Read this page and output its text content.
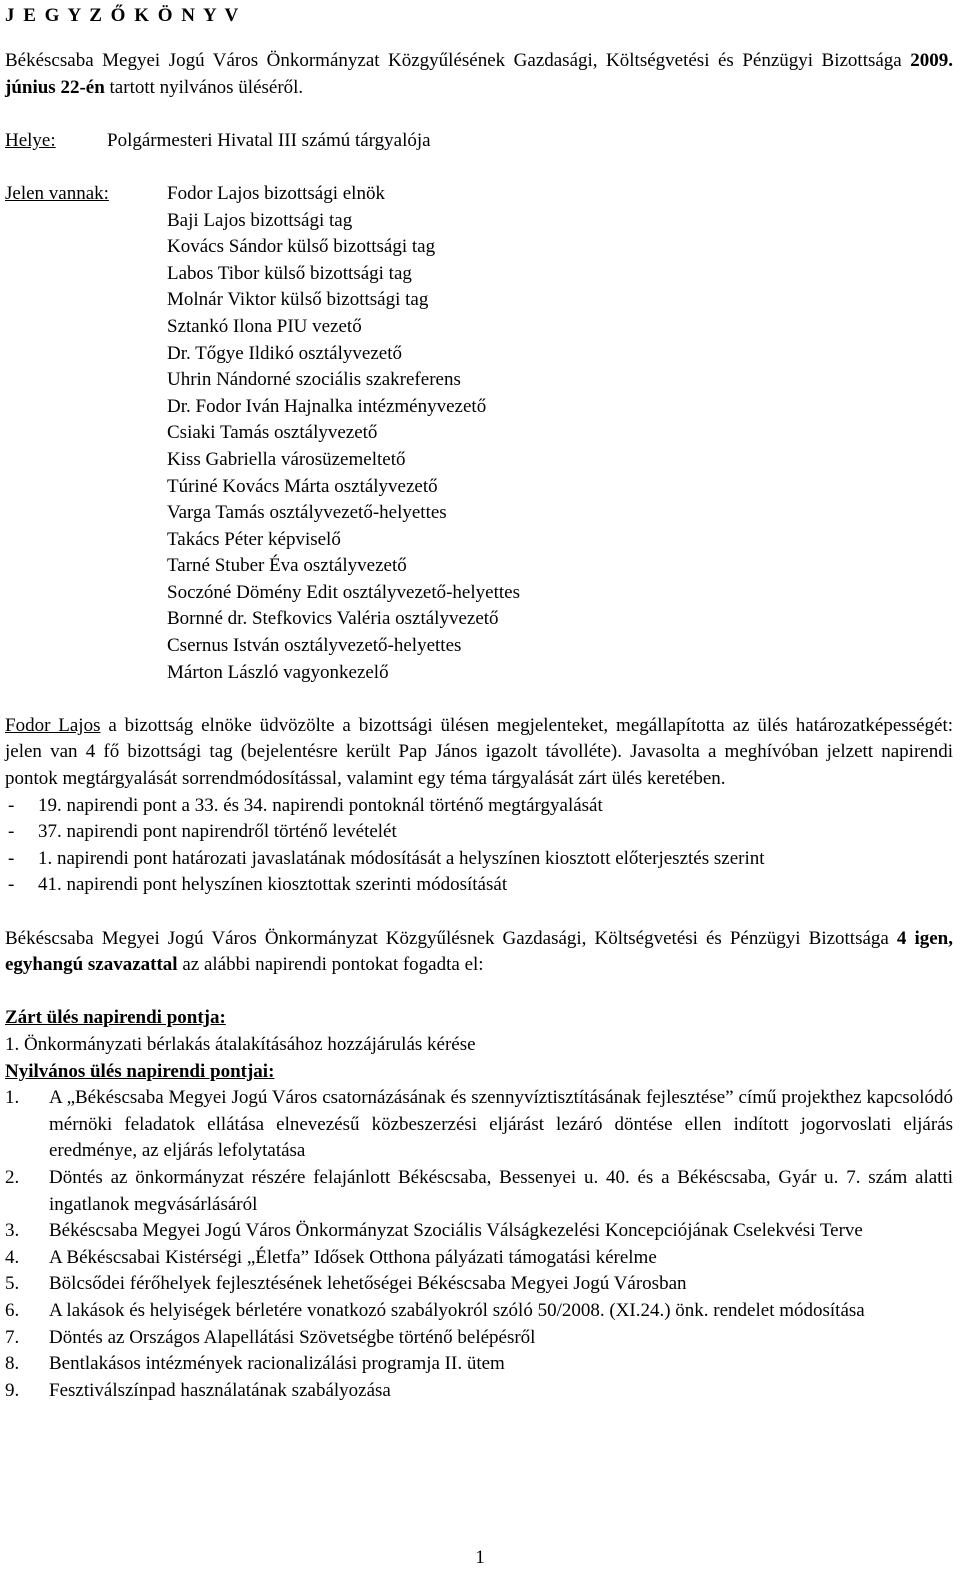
J E G Y Z Ő K Ö N Y V
Békéscsaba Megyei Jogú Város Önkormányzat Közgyűlésének Gazdasági, Költségvetési és Pénzügyi Bizottsága 2009. június 22-én tartott nyilvános üléséről.
Helye:	Polgármesteri Hivatal III számú tárgyalója
Jelen vannak:	Fodor Lajos bizottsági elnök
Baji Lajos bizottsági tag
Kovács Sándor külső bizottsági tag
Labos Tibor külső bizottsági tag
Molnár Viktor külső bizottsági tag
Sztankó Ilona PIU vezető
Dr. Tőgye Ildikó osztályvezető
Uhrin Nándorné szociális szakreferens
Dr. Fodor Iván Hajnalka intézményvezető
Csiaki Tamás osztályvezető
Kiss Gabriella városüzemeltető
Túriné Kovács Márta osztályvezető
Varga Tamás osztályvezető-helyettes
Takács Péter képviselő
Tarné Stuber Éva osztályvezető
Soczóné Dömény Edit osztályvezető-helyettes
Bornné dr. Stefkovics Valéria osztályvezető
Csernus István osztályvezető-helyettes
Márton László vagyonkezelő
Fodor Lajos a bizottság elnöke üdvözölte a bizottsági ülésen megjelenteket, megállapította az ülés határozatképességét: jelen van 4 fő bizottsági tag (bejelentésre került Pap János igazolt távolléte). Javasolta a meghívóban jelzett napirendi pontok megtárgyalását sorrendmódosítással, valamint egy téma tárgyalását zárt ülés keretében.
-	19. napirendi pont a 33. és 34. napirendi pontoknál történő megtárgyalását
-	37. napirendi pont napirendről történő levételét
-	1. napirendi pont határozati javaslatának módosítását a helyszínen kiosztott előterjesztés szerint
-	41. napirendi pont helyszínen kiosztottak szerinti módosítását
Békéscsaba Megyei Jogú Város Önkormányzat Közgyűlésnek Gazdasági, Költségvetési és Pénzügyi Bizottsága 4 igen, egyhangú szavazattal az alábbi napirendi pontokat fogadta el:
Zárt ülés napirendi pontja:
1. Önkormányzati bérlakás átalakításához hozzájárulás kérése
Nyilvános ülés napirendi pontjai:
1.	A „Békéscsaba Megyei Jogú Város csatornázásának és szennyvíztisztításának fejlesztése” című projekthez kapcsolódó mérnöki feladatok ellátása elnevezésű közbeszerzési eljárást lezáró döntése ellen indított jogorvoslati eljárás eredménye, az eljárás lefolytatása
2.	Döntés az önkormányzat részére felajánlott Békéscsaba, Bessenyei u. 40. és a Békéscsaba, Gyár u. 7. szám alatti ingatlanok megvásárlásáról
3.	Békéscsaba Megyei Jogú Város Önkormányzat Szociális Válságkezelési Koncepciójának Cselekvési Terve
4.	A Békéscsabai Kistérségi „Életfa” Idősek Otthona pályázati támogatási kérelme
5.	Bölcsődei férőhelyek fejlesztésének lehetőségei Békéscsaba Megyei Jogú Városban
6.	A lakások és helyiségek bérletére vonatkozó szabályokról szóló 50/2008. (XI.24.) önk. rendelet módosítása
7.	Döntés az Országos Alapellátási Szövetségbe történő belépésről
8.	Bentlakásos intézmények racionalizálási programja II. ütem
9.	Fesztiválszínpad használatának szabályozása
1
